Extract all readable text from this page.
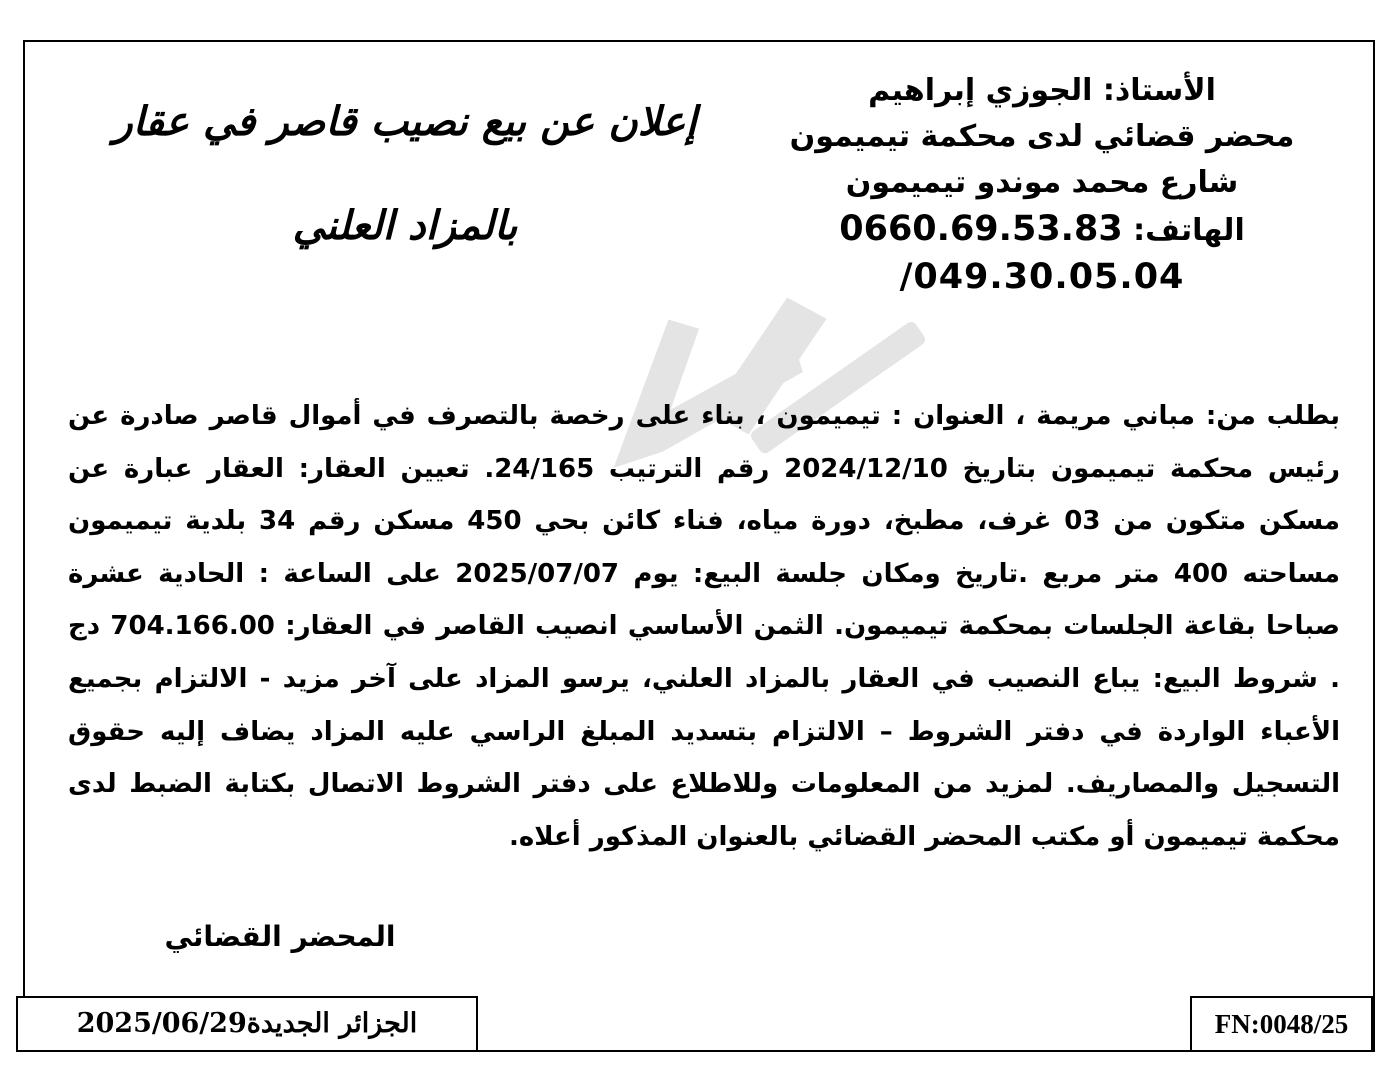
الأستاذ: الجوزي إبراهيم
محضر قضائي لدى محكمة تيميمون
شارع محمد موندو تيميمون
الهاتف: 0660.69.53.83
/049.30.05.04
إعلان عن بيع نصيب قاصر في عقار
بالمزاد العلني

بطلب من: مباني مريمة ، العنوان : تيميمون ، بناء على رخصة بالتصرف في أموال قاصر صادرة عن رئيس محكمة تيميمون بتاريخ 2024/12/10 رقم الترتيب 24/165. تعيين العقار: العقار عبارة عن مسكن متكون من 03 غرف، مطبخ، دورة مياه، فناء كائن بحي 450 مسكن رقم 34 بلدية تيميمون مساحته 400 متر مربع .تاريخ ومكان جلسة البيع: يوم 2025/07/07 على الساعة : الحادية عشرة صباحا بقاعة الجلسات بمحكمة تيميمون. الثمن الأساسي انصيب القاصر في العقار: 704.166.00 دج . شروط البيع: يباع النصيب في العقار بالمزاد العلني، يرسو المزاد على آخر مزيد - الالتزام بجميع الأعباء الواردة في دفتر الشروط – الالتزام بتسديد المبلغ الراسي عليه المزاد يضاف إليه حقوق التسجيل والمصاريف. لمزيد من المعلومات وللاطلاع على دفتر الشروط الاتصال بكتابة الضبط لدى محكمة تيميمون أو مكتب المحضر القضائي بالعنوان المذكور أعلاه.

المحضر القضائي
الجزائر الجديدة2025/06/29	FN:0048/25
